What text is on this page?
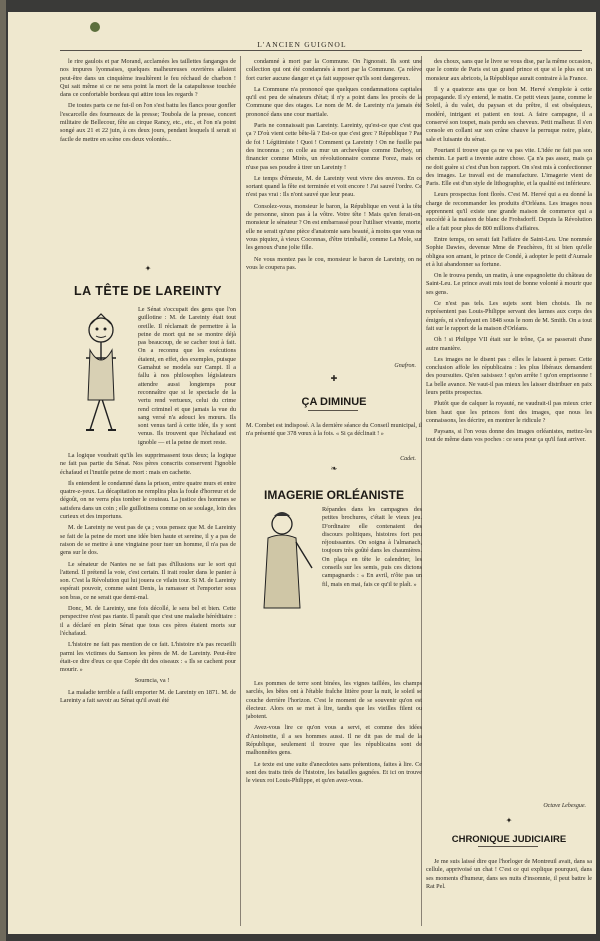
L'ANCIEN GUIGNOL

le rire gaulois et par Morand, acclamées les taillettes fanganges de nos impures lyonnaises, quelques malheureuses ouvrières allaient peut-être dans un cinquième insultèrent le feu réchaud de charbon ! Qui sait même si ce ne sera point la mort de la catapultesse touchée dans ce confortable bordeau qui attire tous les regards ?

De toutes parts ce ne fut-il on l'on s'est battu les flancs pour gonfler l'escarcelle des fourneaux de la presse; Toubola de la presse, concert militaire de Bellecour, fête au cirque Rancy, etc., etc., et l'on n'a point songé aux 21 et 22 juin, à ces deux jours, pendant lesquels il serait si facile de mettre en scène ces deux volontés...

✦
LA TÊTE DE LAREINTY
Le Sénat s'occupait des gens que l'on guillotine : M. de Lareinty était tout oreille. Il réclamait de permettre à la peine de mort qui ne se montre déjà pas beaucoup, de se cacher tout à fait. On a reconnu que les exécutions étaient, en effet, des exemples, puisque Gamahut se modela sur Campi. Il a fallu à nos philosophes législateurs attendre aussi longtemps pour reconnaître que si le spectacle de la vertu rend vertueux, celui du crime rend criminel et que jamais la vue du sang versé n'a adouci les mœurs. Ils sont venus tard à cette idée, ils y sont venus. Ils trouvent que l'échafaud est ignoble — et la peine de mort reste.

La logique voudrait qu'ils les supprimassent tous deux; la logique ne fait pas partie du Sénat. Nos pères conscrits conservent l'ignoble échafaud et l'inutile peine de mort : mais en cachette.

Ils entendent le condamné dans la prison, entre quatre murs et entre quatre-z-yeux. La décapitation ne remplira plus la foule d'horreur et de dégoût, on ne verra plus tomber le couteau. La justice des hommes se satisfera dans un coin ; elle guillotinera comme on se soulage, loin des curieux et des importuns.

M. de Lareinty ne veut pas de ça ; vous pensez que M. de Lareinty se fait de la peine de mort une idée bien haute et sereine, il y a pas de raison de se mettre à une vingtaine pour tuer un homme, il n'a pas de gens sur le dos.

Le sénateur de Nantes ne se fait pas d'illusions sur le sort qui l'attend. Il prétend la voie, c'est certain. Il irait rouler dans le panier à son. C'est la Révolution qui lui jouera ce vilain tour. Si M. de Lareinty espérait pouvoir, comme saint Denis, la ramasser et l'emporter sous son bras, ce ne serait que demi-mal.

Donc, M. de Lareinty, une fois décollé, le sera bel et bien. Cette perspective n'est pas riante. Il paraît que c'est une maladie héréditaire : il a déclaré en plein Sénat que tous ces pères étaient morts sur l'échafaud.

L'histoire ne fait pas mention de ce fait. L'histoire n'a pas recueilli parmi les victimes du Samson les pères de M. de Lareinty. Peut-être était-ce dire d'eux ce que Copée dit des oiseaux : « Ils se cachent pour mourir. »

Sourncia, va !

La maladie terrible a failli emporter M. de Lareinty en 1871. M. de Lareinty a fait savoir au Sénat qu'il avait été

condamné à mort par la Commune. On l'ignorait. Ils sont une collection qui ont été condamnés à mort par la Commune. Ça relève fort curier aucune danger et ça fait supposer qu'ils sont dangereux.

La Commune n'a prononcé que quelques condamnations capitales qu'il est peu de sénateurs d'état; il n'y a point dans les procès de la Commune que des otages. Le nom de M. de Lareinty n'a jamais été prononcé dans une cour martiale.

Paris ne connaissait pas Lareinty. Lareinty, qu'est-ce que c'est que ça ? D'où vient cette bête-là ? Est-ce que c'est grec ? République ? Pas de foi ! Légitimiste ! Quoi ! Comment ça Lareinty ! On ne fusille pas des inconnus ; on colle au mur un archevêque comme Darboy, un financier comme Mirès, un révolutionnaire comme Forez, mais on n'use pas ses poudre à tirer un Lareinty !

Le temps d'émeute, M. de Lareinty veut vivre des œuvres. En ce sortant quand la fête est terminée et voit encore ! J'ai sauvé l'ordre. Ce n'est pas vrai : Ils n'ont sauvé que leur peau.

Consolez-vous, monsieur le baron, la République en veut à la tête de personne, sinon pas à la vôtre. Votre tête ! Mais qu'en ferait-on, monsieur le sénateur ? On est embarrassé pour l'utiliser vivante, morte, elle ne serait qu'une pièce d'anatomie sans beauté, à moins que vous ne vous piquiez, à vieux Coconnas, d'être trimballé, comme La Mole, sur les genoux d'une jolie fille.

Ne vous montez pas le cou, monsieur le baron de Lareinty, on ne vous le coupera pas.

Gnafron.
✚
ÇA DIMINUE
M. Combet est indisposé. A la dernière séance du Conseil municipal, il n'a présenté que 378 vœux à la fois. « Si ça déclinait ! »
Cadet.
❧
IMAGERIE ORLÉANISTE
Répandes dans les campagnes des petites brochures, c'était le vieux jeu. D'ordinaire elle contenaient des discours politiques, histoires fort peu réjouissantes. On soigna à l'almanach, toujours très goûté dans les chaumières. On plaça en tête le calendrier, les conseils sur les semis, puis ces dictons campagnards : « En avril, n'ôte pas un fil, mais en mai, fais ce qu'il te plaît. »

Les pommes de terre sont binées, les vignes taillées, les champs sarclés, les bêtes ont à l'étable fraîche litière pour la nuit, le soleil se couche derrière l'horizon. C'est le moment de se souvenir qu'on est électeur. Alors on se met à lire, tandis que les vieilles filent ou jabotent.

Avez-vous lire ce qu'on vous a servi, et comme des idées d'Antoinette, il a ses hommes aussi. Il ne dit pas de mal de la République, seulement il trouve que les républicains sont de malhonnêtes gens.

Le texte est une suite d'anecdotes sans prétentions, faites à lire. Ce sont des traits tirés de l'histoire, les batailles gagnées. Et ici on trouve le vieux roi Louis-Philippe, et qu'en avez-vous.

des choux, sans que le livre se vous dise, par la même occasion, que le comte de Paris est un grand prince et que si le plus est un monsieur aux abricots, la République aurait contraire à la France.

Il y a quatorze ans que ce bon M. Hervé s'emploie à cette propagande. Il s'y entend, le matin. Ce petit vieux jaune, comme le Soleil, à du valet, du paysan et du prêtre, il est obséquieux, modéré, intrigant et patient en tout. A faire campagne, il a conservé son toupet, mais perdu ses cheveux. Petit malheur. Il s'en console en collant sur son crâne chauve la perruque noire, plate, sale et luisante du sénat.

Pourtant il trouve que ça ne va pas vite. L'idée ne fait pas son chemin. Le parti a invente autre chose. Ça n'a pas assez, mais ça ne doit guère si c'est d'un bon rapport. On s'est mis à confectionner des images. Le travail est de manufacture. L'imagerie vient de Paris. Elle est d'un style de lithographie, et la qualité est inférieure.

Leurs prospectus font florès. C'est M. Hervé qui a eu donné la charge de recommander les produits d'Orléans. Les images nous apprennent qu'il existe une grande maison de commerce qui a succédé à la maison de blanc de Frohsdorff. Depuis la Révolution elle a fait pour plus de 800 millions d'affaires.

Entre temps, on serait fait l'affaire de Saint-Leu. Une nommée Sophie Dawies, devenue Mme de Feuchères, fit si bien qu'elle obligea son amant, le prince de Condé, à adopter le petit d'Aumale et à lui abandonner sa fortune.

On le trouva pendu, un matin, à une espagnolette du château de Saint-Leu. Le prince avait mis tout de bonne volonté à mourir que ses gens.

Ce n'est pas tels. Les sujets sont bien choisis. Ils ne représentent pas Louis-Philippe servant des larmes aux corps des émigrés, ni s'enfuyant en 1848 sous le nom de M. Smith. On a tout fait sur le rapport de la maison d'Orléans.

Oh ! si Philippe VII était sur le trône, Ça se passerait d'une autre manière.

Les images ne le disent pas : elles le laissent à penser. Cette conclusion affole les républicains : les plus libéraux demandent des poursuites. Qu'en saisissez ! qu'on arrête ! qu'on emprisonne ! La belle avance. Ne vaut-il pas mieux les laisser distribuer en paix leurs petits prospectus.

Plutôt que de calquer la royauté, ne vaudrait-il pas mieux crier bien haut que les princes font des images, que nous les connaissons, les décrire, en montrer le ridicule ?

Paysans, si l'on vous donne des images orléanistes, mettez-les tout de même dans vos poches : ce sera pour ça qu'il faut arriver.

Octave Lebesgue.
✦
CHRONIQUE JUDICIAIRE
Je me suis laissé dire que l'horloger de Montreuil avait, dans sa cellule, apprivoisé un chat ! C'est ce qui explique pourquoi, dans ses moments d'humeur, dans ses nuits d'insomnie, il peut battre le Rat Pel.
